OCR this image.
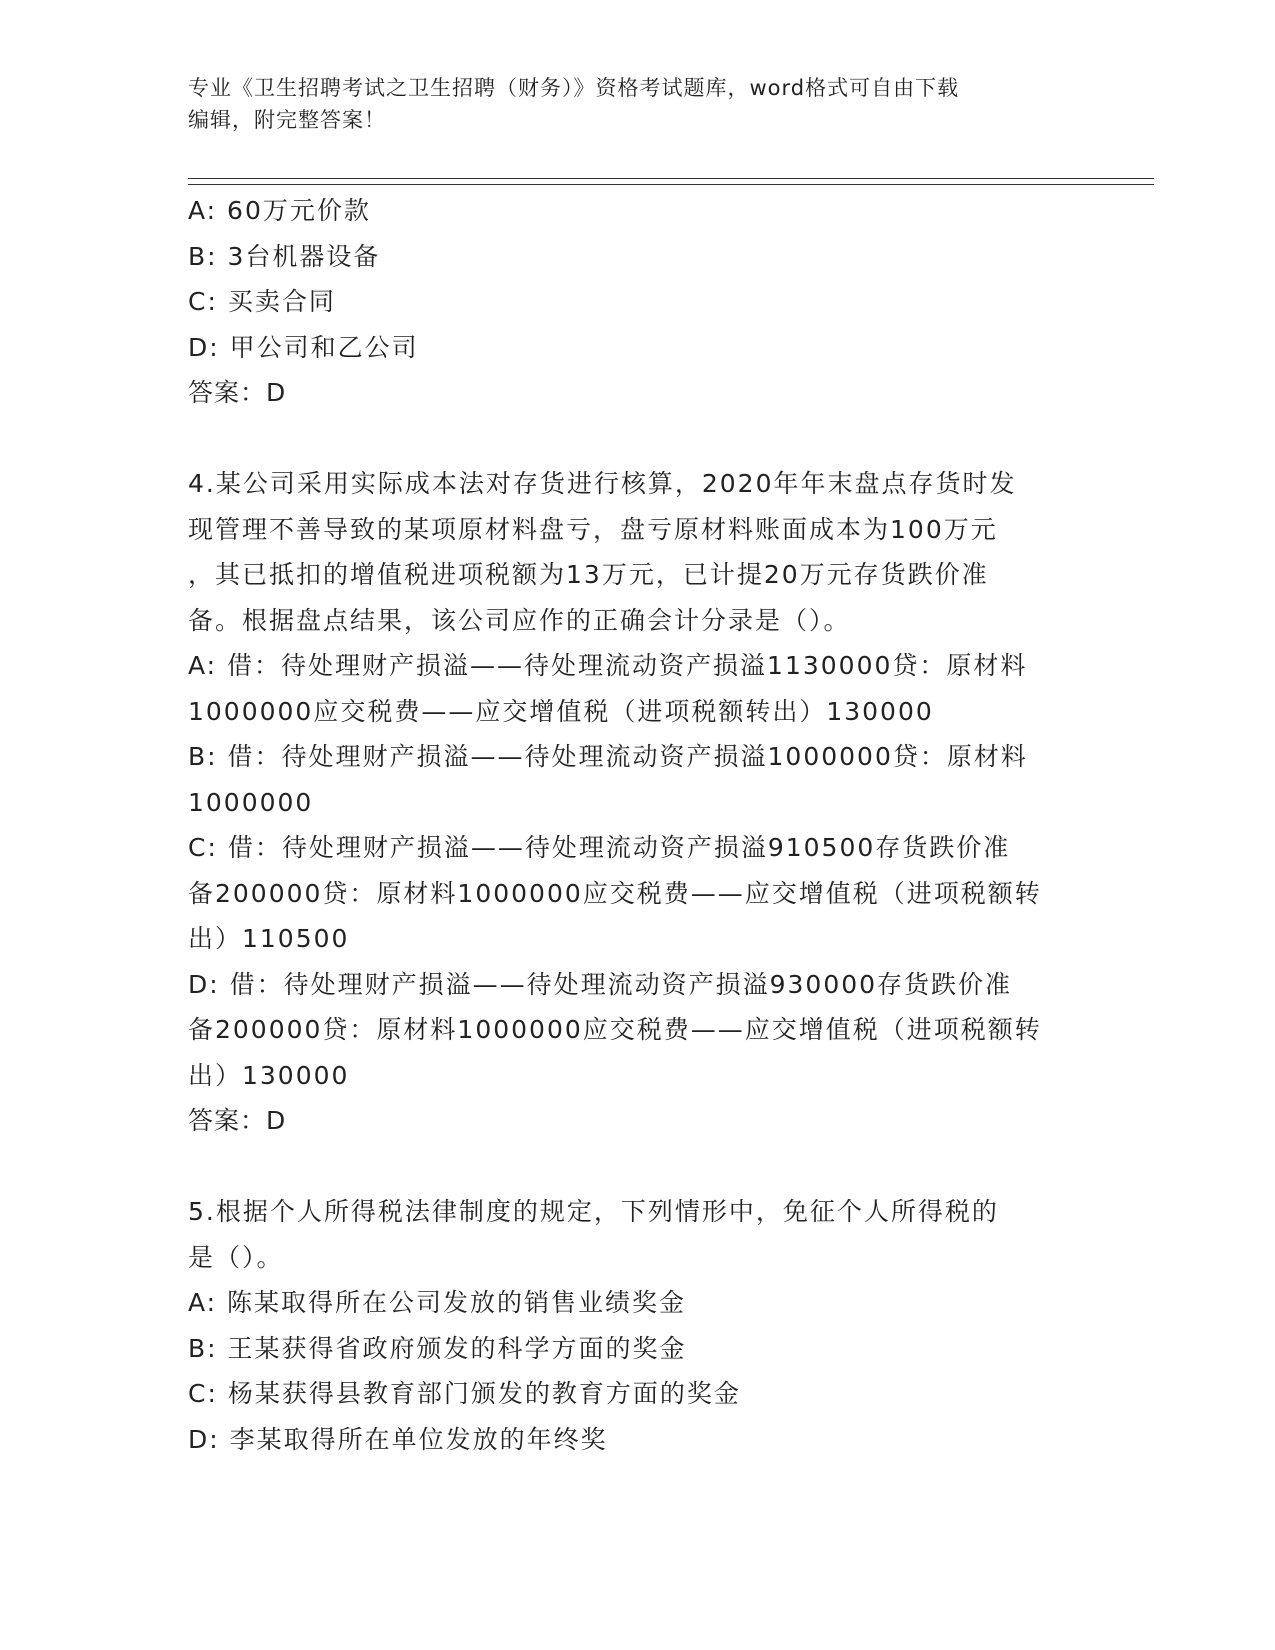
专业《卫生招聘考试之卫生招聘（财务）》资格考试题库，word格式可自由下载
编辑，附完整答案！
A: 60万元价款
B: 3台机器设备
C: 买卖合同
D: 甲公司和乙公司
答案：D
4.某公司采用实际成本法对存货进行核算，2020年年末盘点存货时发
现管理不善导致的某项原材料盘亏，盘亏原材料账面成本为100万元
，其已抵扣的增值税进项税额为13万元，已计提20万元存货跌价准
备。根据盘点结果，该公司应作的正确会计分录是（）。
A: 借：待处理财产损溢——待处理流动资产损溢1130000贷：原材料
1000000应交税费——应交增值税（进项税额转出）130000
B: 借：待处理财产损溢——待处理流动资产损溢1000000贷：原材料
1000000
C: 借：待处理财产损溢——待处理流动资产损溢910500存货跌价准
备200000贷：原材料1000000应交税费——应交增值税（进项税额转
出）110500
D: 借：待处理财产损溢——待处理流动资产损溢930000存货跌价准
备200000贷：原材料1000000应交税费——应交增值税（进项税额转
出）130000
答案：D
5.根据个人所得税法律制度的规定，下列情形中，免征个人所得税的
是（）。
A: 陈某取得所在公司发放的销售业绩奖金
B: 王某获得省政府颁发的科学方面的奖金
C: 杨某获得县教育部门颁发的教育方面的奖金
D: 李某取得所在单位发放的年终奖
